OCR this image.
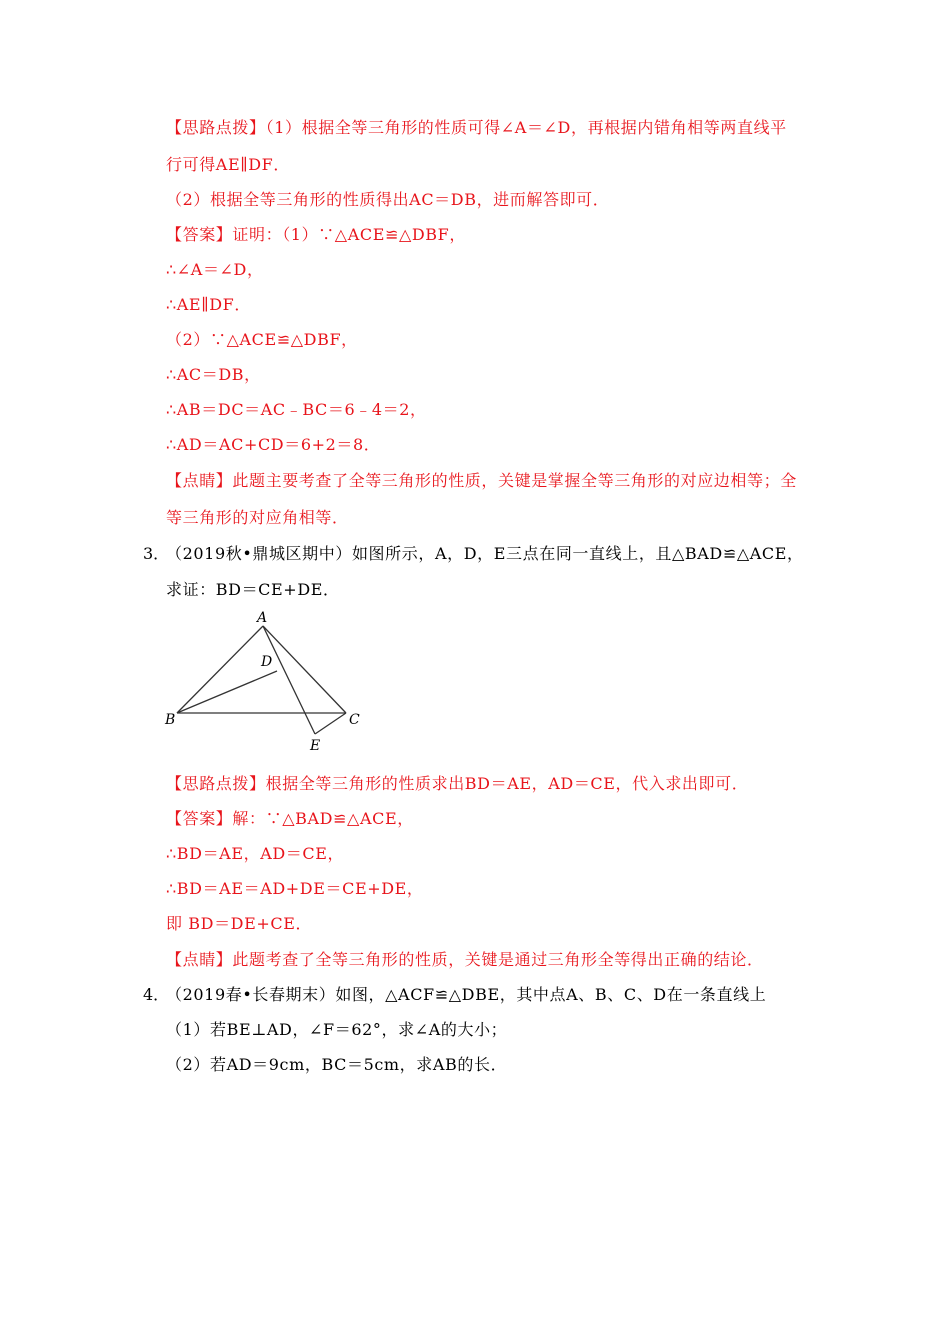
【思路点拨】（1）根据全等三角形的性质可得∠A＝∠D，再根据内错角相等两直线平
行可得AE∥DF．
（2）根据全等三角形的性质得出AC＝DB，进而解答即可．
【答案】证明：（1）∵△ACE≌△DBF，
∴∠A＝∠D，
∴AE∥DF．
（2）∵△ACE≌△DBF，
∴AC＝DB，
∴AB＝DC＝AC﹣BC＝6﹣4＝2，
∴AD＝AC+CD＝6+2＝8．
【点睛】此题主要考查了全等三角形的性质，关键是掌握全等三角形的对应边相等；全
等三角形的对应角相等．
3．
（2019秋•鼎城区期中）如图所示，A，D，E三点在同一直线上，且△BAD≌△ACE，
求证：BD＝CE+DE．
A
B	C
D
E
【思路点拨】根据全等三角形的性质求出BD＝AE，AD＝CE，代入求出即可．
【答案】解：∵△BAD≌△ACE，
∴BD＝AE，AD＝CE，
∴BD＝AE＝AD+DE＝CE+DE，
即 BD＝DE+CE．
【点睛】此题考查了全等三角形的性质，关键是通过三角形全等得出正确的结论．
4．
（2019春•长春期末）如图，△ACF≌△DBE，其中点A、B、C、D在一条直线上
（1）若BE⊥AD，∠F＝62°，求∠A的大小；
（2）若AD＝9cm，BC＝5cm，求AB的长．
